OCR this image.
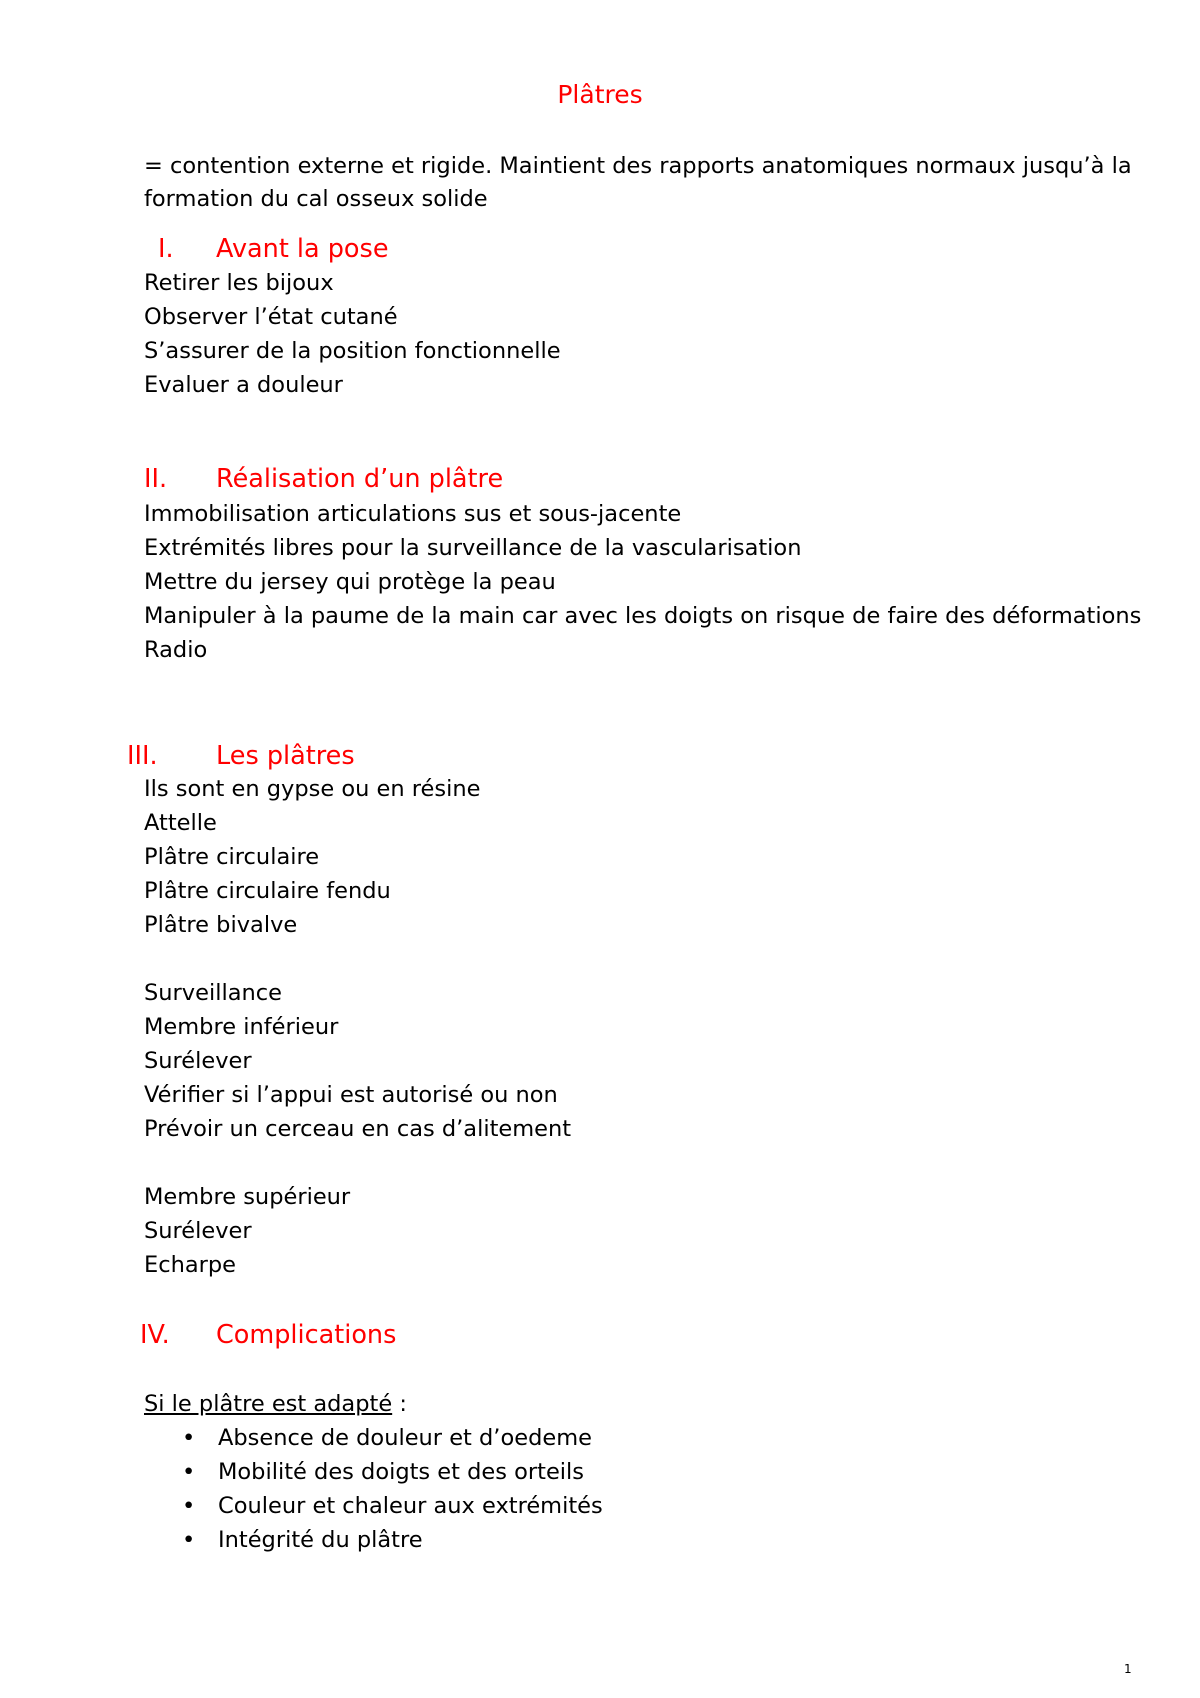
Plâtres

= contention externe et rigide. Maintient des rapports anatomiques normaux jusqu’à la

formation du cal osseux solide

I. Avant la pose
Retirer les bijoux
Observer l’état cutané
S’assurer de la position fonctionnelle
Evaluer a douleur
II. Réalisation d’un plâtre
Immobilisation articulations sus et sous-jacente
Extrémités libres pour la surveillance de la vascularisation
Mettre du jersey qui protège la peau
Manipuler à la paume de la main car avec les doigts on risque de faire des déformations
Radio
III. Les plâtres
Ils sont en gypse ou en résine
Attelle
Plâtre circulaire
Plâtre circulaire fendu
Plâtre bivalve
Surveillance
Membre inférieur
Surélever
Vérifier si l’appui est autorisé ou non
Prévoir un cerceau en cas d’alitement
Membre supérieur
Surélever
Echarpe
IV. Complications
Si le plâtre est adapté :
• Absence de douleur et d’oedeme
• Mobilité des doigts et des orteils
• Couleur et chaleur aux extrémités
• Intégrité du plâtre
1
